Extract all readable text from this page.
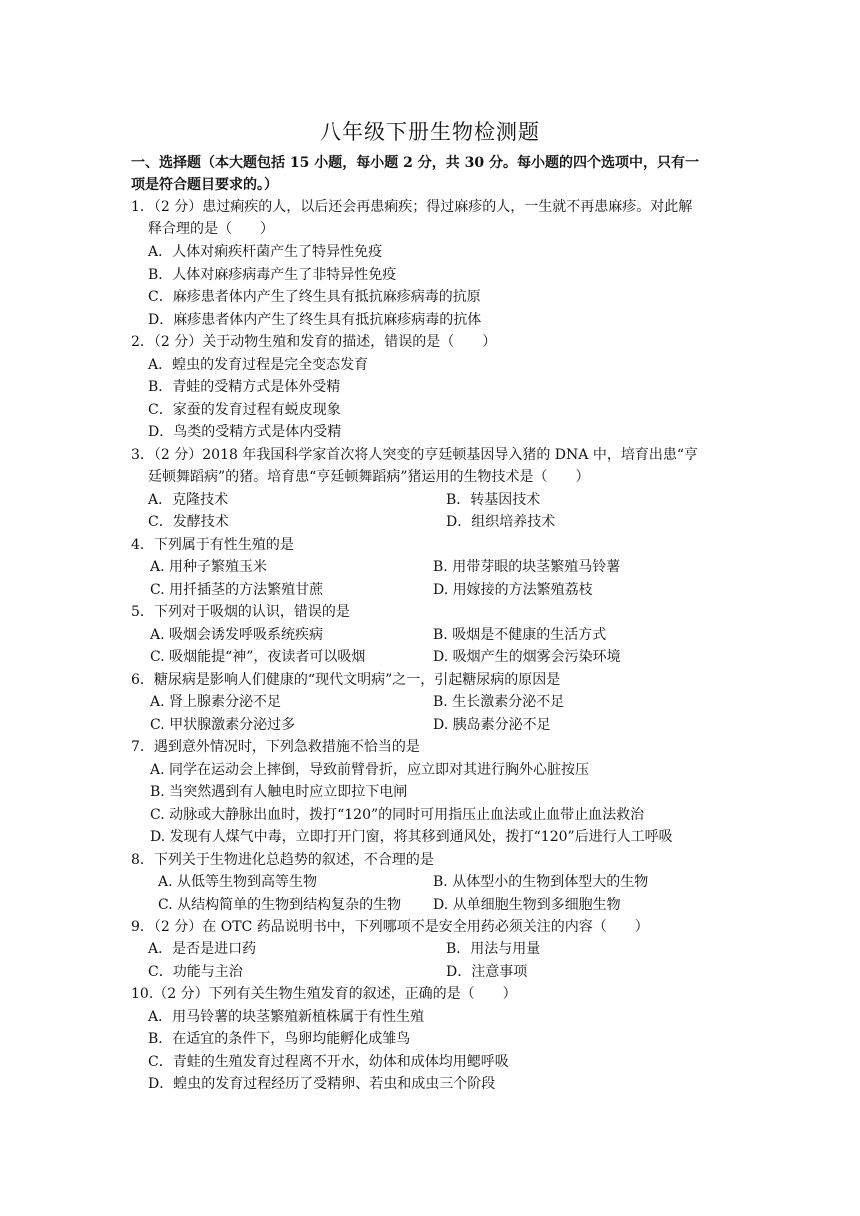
八年级下册生物检测题
一、选择题（本大题包括 15 小题，每小题 2 分，共 30 分。每小题的四个选项中，只有一
项是符合题目要求的。）
1．（2 分）患过痢疾的人，以后还会再患痢疾；得过麻疹的人，一生就不再患麻疹。对此解
释合理的是（　　）
A．人体对痢疾杆菌产生了特异性免疫
B．人体对麻疹病毒产生了非特异性免疫
C．麻疹患者体内产生了终生具有抵抗麻疹病毒的抗原
D．麻疹患者体内产生了终生具有抵抗麻疹病毒的抗体
2．（2 分）关于动物生殖和发育的描述，错误的是（　　）
A．蝗虫的发育过程是完全变态发育
B．青蛙的受精方式是体外受精
C．家蚕的发育过程有蜕皮现象
D．鸟类的受精方式是体内受精
3．（2 分）2018 年我国科学家首次将人突变的亨廷顿基因导入猪的 DNA 中，培育出患“亨
廷顿舞蹈病”的猪。培育患“亨廷顿舞蹈病”猪运用的生物技术是（　　）
A．克隆技术	B．转基因技术
C．发酵技术	D．组织培养技术
4．下列属于有性生殖的是
A. 用种子繁殖玉米	B. 用带芽眼的块茎繁殖马铃薯
C. 用扦插茎的方法繁殖甘蔗	D. 用嫁接的方法繁殖荔枝
5．下列对于吸烟的认识，错误的是
A. 吸烟会诱发呼吸系统疾病	B. 吸烟是不健康的生活方式
C. 吸烟能提“神”，夜读者可以吸烟	D. 吸烟产生的烟雾会污染环境
6．糖尿病是影响人们健康的“现代文明病”之一，引起糖尿病的原因是
A. 肾上腺素分泌不足	B. 生长激素分泌不足
C. 甲状腺激素分泌过多	D. 胰岛素分泌不足
7．遇到意外情况时，下列急救措施不恰当的是
A. 同学在运动会上摔倒，导致前臂骨折，应立即对其进行胸外心脏按压
B. 当突然遇到有人触电时应立即拉下电闸
C. 动脉或大静脉出血时，拨打“120”的同时可用指压止血法或止血带止血法救治
D. 发现有人煤气中毒，立即打开门窗，将其移到通风处，拨打“120”后进行人工呼吸
8．下列关于生物进化总趋势的叙述，不合理的是
A. 从低等生物到高等生物	B. 从体型小的生物到体型大的生物
C. 从结构简单的生物到结构复杂的生物 D. 从单细胞生物到多细胞生物
9．（2 分）在 OTC 药品说明书中，下列哪项不是安全用药必须关注的内容（　　）
A．是否是进口药	B．用法与用量
C．功能与主治	D．注意事项
10.（2 分）下列有关生物生殖发育的叙述，正确的是（　　）
A．用马铃薯的块茎繁殖新植株属于有性生殖
B．在适宜的条件下，鸟卵均能孵化成雏鸟
C．青蛙的生殖发育过程离不开水，幼体和成体均用鳃呼吸
D．蝗虫的发育过程经历了受精卵、若虫和成虫三个阶段
